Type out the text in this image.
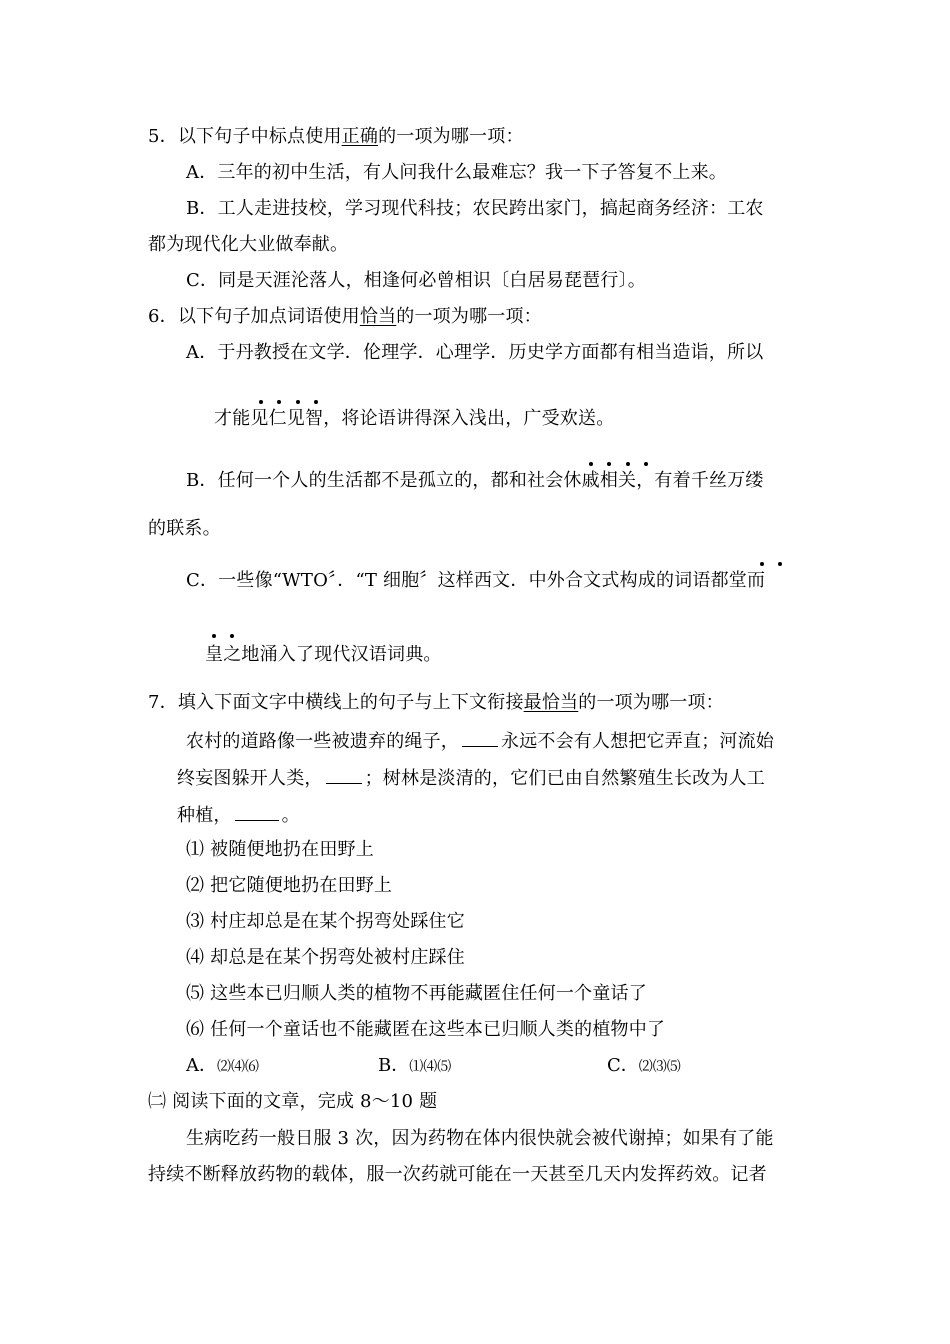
5．以下句子中标点使用正确的一项为哪一项：
A．三年的初中生活，有人问我什么最难忘？我一下子答复不上来。
B．工人走进技校，学习现代科技；农民跨出家门，搞起商务经济：工农
都为现代化大业做奉献。
C．同是天涯沦落人，相逢何必曾相识〔白居易琵琶行〕。
6．以下句子加点词语使用恰当的一项为哪一项：
A．于丹教授在文学．伦理学．心理学．历史学方面都有相当造诣，所以
才能见仁见智，将论语讲得深入浅出，广受欢送。
B．任何一个人的生活都不是孤立的，都和社会休戚相关，有着千丝万缕
的联系。
C．一些像“WTO〞．“T 细胞〞这样西文．中外合文式构成的词语都堂而
皇之地涌入了现代汉语词典。
7．填入下面文字中横线上的句子与上下文衔接最恰当的一项为哪一项：
农村的道路像一些被遗弃的绳子， 永远不会有人想把它弄直；河流始
终妄图躲开人类， ；树林是淡清的，它们已由自然繁殖生长改为人工
种植，	。
⑴ 被随便地扔在田野上
⑵ 把它随便地扔在田野上
⑶ 村庄却总是在某个拐弯处踩住它
⑷ 却总是在某个拐弯处被村庄踩住
⑸ 这些本已归顺人类的植物不再能藏匿住任何一个童话了
⑹ 任何一个童话也不能藏匿在这些本已归顺人类的植物中了
A．⑵⑷⑹	B．⑴⑷⑸	C．⑵⑶⑸
㈡ 阅读下面的文章，完成 8～10 题
生病吃药一般日服 3 次，因为药物在体内很快就会被代谢掉；如果有了能
持续不断释放药物的载体，服一次药就可能在一天甚至几天内发挥药效。记者
